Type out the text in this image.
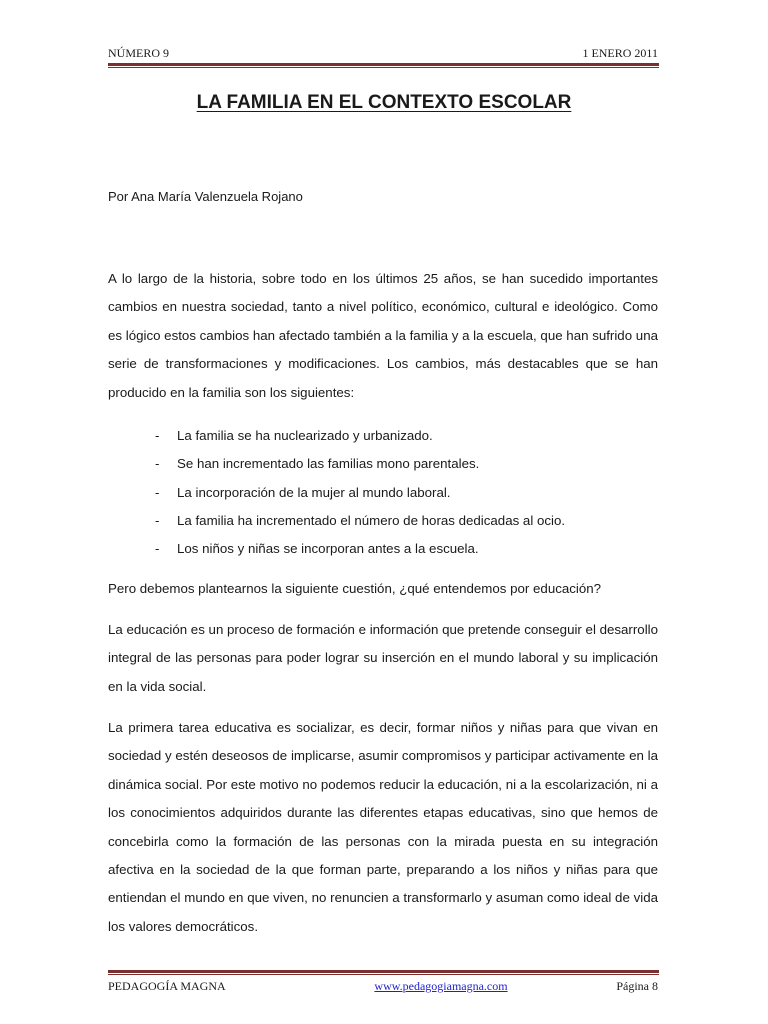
NÚMERO 9	1 ENERO 2011
LA FAMILIA EN EL CONTEXTO ESCOLAR
Por Ana María Valenzuela Rojano
A lo largo de la historia, sobre todo en los últimos 25 años, se han sucedido importantes cambios en nuestra sociedad, tanto a nivel político, económico, cultural e ideológico. Como es lógico estos cambios han afectado también a la familia y a la escuela, que han sufrido una serie de transformaciones y modificaciones. Los cambios, más destacables que se han producido en la familia son los siguientes:
-	La familia se ha nuclearizado y urbanizado.
-	Se han incrementado las familias mono parentales.
-	La incorporación de la mujer al mundo laboral.
-	La familia ha incrementado el número de horas dedicadas al ocio.
-	Los niños y niñas se incorporan antes a la escuela.
Pero debemos plantearnos la siguiente cuestión, ¿qué entendemos por educación?
La educación es un proceso de formación e información que pretende conseguir el desarrollo integral de las personas para poder lograr su inserción en el mundo laboral y su implicación en la vida social.
La primera tarea educativa es socializar, es decir, formar niños y niñas para que vivan en sociedad y estén deseosos de implicarse, asumir compromisos y participar activamente en la dinámica social. Por este motivo no podemos reducir la educación, ni a la escolarización, ni a los conocimientos adquiridos durante las diferentes etapas educativas, sino que hemos de concebirla como la formación de las personas con la mirada puesta en su integración afectiva en la sociedad de la que forman parte, preparando a los niños y niñas para que entiendan el mundo en que viven, no renuncien a transformarlo y asuman como ideal de vida los valores democráticos.
PEDAGOGÍA MAGNA	www.pedagogiamagna.com	Página 8
